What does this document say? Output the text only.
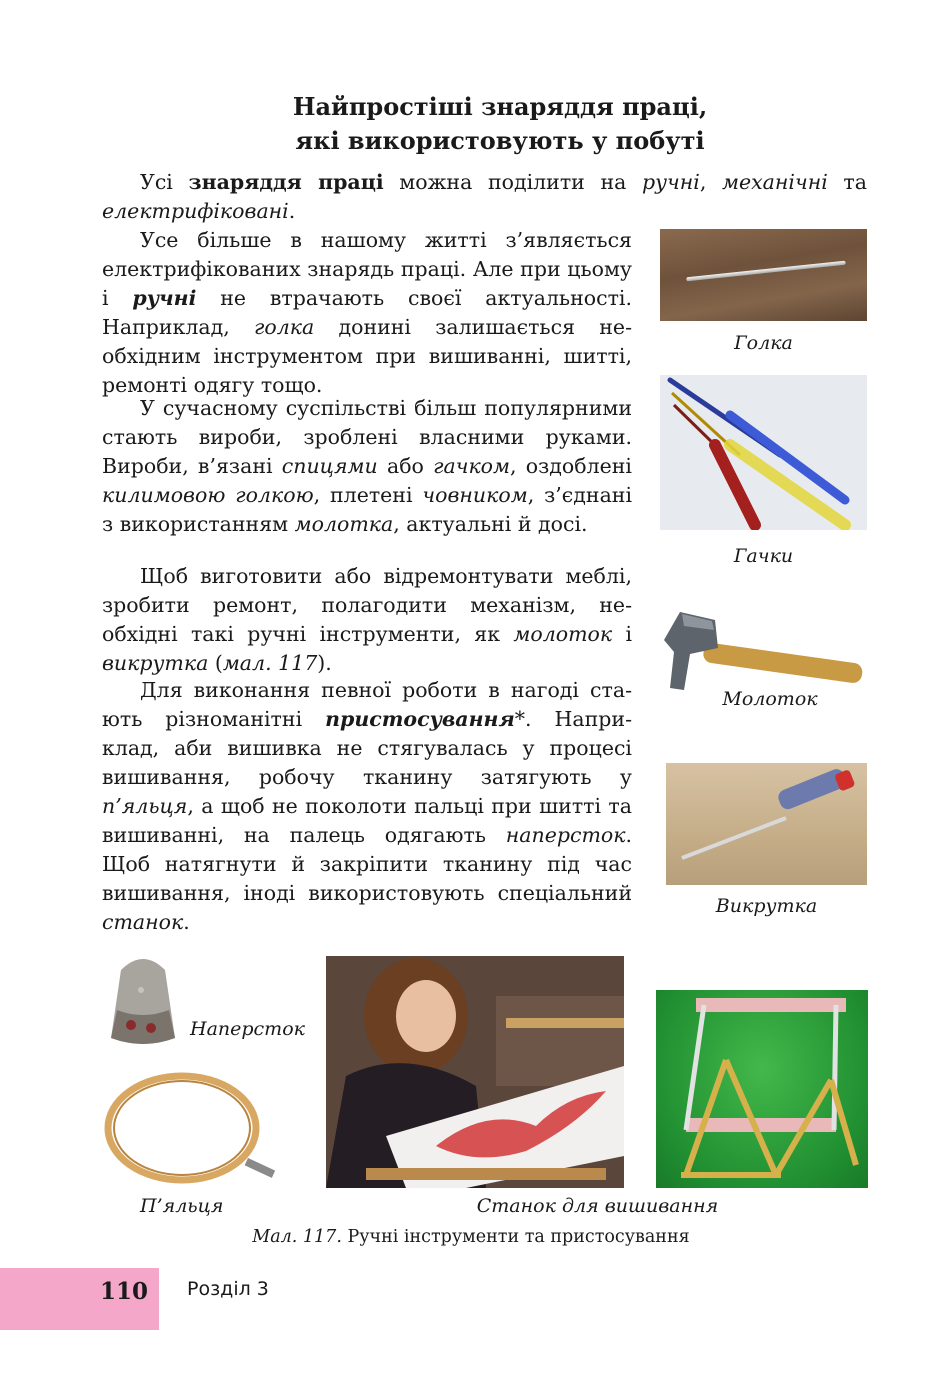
Найпростіші знаряддя праці,
які використовують у побуті

Усі знаряддя праці можна поділити на ручні, механічні та електрифіковані.

Усе більше в нашому житті з’являється електрифікованих знарядь праці. Але при цьому і ручні не втрачають своєї актуальності. Наприклад, голка донині залишається необхідним інструментом при вишиванні, шитті, ремонті одягу тощо.

У сучасному суспільстві більш популярними стають вироби, зроблені власними руками. Вироби, в’язані спицями або гачком, оздоблені килимовою голкою, плетені човником, з’єднані з використанням молотка, актуальні й досі.

Щоб виготовити або відремонтувати меблі, зробити ремонт, полагодити механізм, необхідні такі ручні інструменти, як молоток і викрутка (мал. 117).

Для виконання певної роботи в нагоді стають різноманітні пристосування*. Наприклад, аби вишивка не стягувалась у процесі вишивання, робочу тканину затягують у п’яльця, а щоб не поколоти пальці при шитті та вишиванні, на палець одягають наперсток. Щоб натягнути й закріпити тканину під час вишивання, іноді використовують спеціальний станок.

Голка
Гачки
Молоток
Викрутка
Наперсток
П’яльця	Станок для вишивання
Мал. 117. Ручні інструменти та пристосування
110 Розділ 3
